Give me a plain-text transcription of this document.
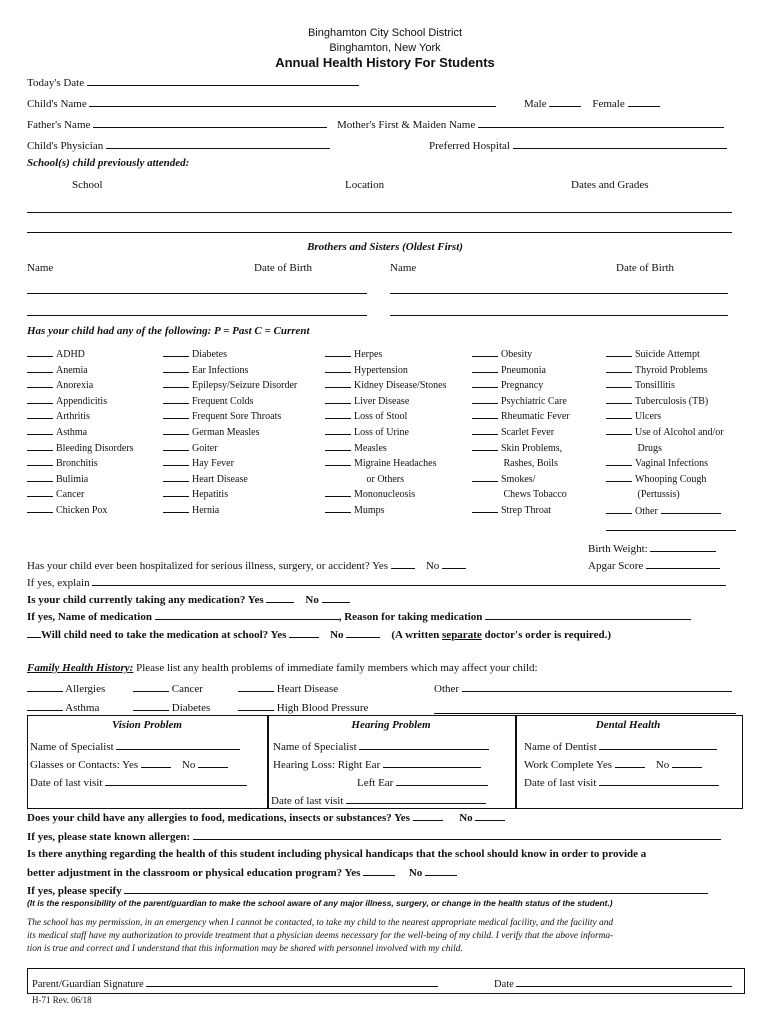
Binghamton City School District
Binghamton, New York
Annual Health History For Students
Today's Date
Child's Name	Male	Female
Father's Name	Mother's First & Maiden Name
Child's Physician	Preferred Hospital
School(s) child previously attended:
School	Location	Dates and Grades
Brothers and Sisters (Oldest First)
Name	Date of Birth	Name	Date of Birth
Has your child had any of the following: P = Past C = Current
ADHD
Anemia
Anorexia
Appendicitis
Arthritis
Asthma
Bleeding Disorders
Bronchitis
Bulimia
Cancer
Chicken Pox
Diabetes
Ear Infections
Epilepsy/Seizure Disorder
Frequent Colds
Frequent Sore Throats
German Measles
Goiter
Hay Fever
Heart Disease
Hepatitis
Hernia
Herpes
Hypertension
Kidney Disease/Stones
Liver Disease
Loss of Stool
Loss of Urine
Measles
Migraine Headaches
or Others
Mononucleosis
Mumps
Obesity
Pneumonia
Pregnancy
Psychiatric Care
Rheumatic Fever
Scarlet Fever
Skin Problems,
Rashes, Boils
Smokes/
Chews Tobacco
Strep Throat
Suicide Attempt
Thyroid Problems
Tonsillitis
Tuberculosis (TB)
Ulcers
Use of Alcohol and/or
Drugs
Vaginal Infections
Whooping Cough
(Pertussis)
Other
Birth Weight:
Apgar Score
Has your child ever been hospitalized for serious illness, surgery, or accident? Yes	No
If yes, explain
Is your child currently taking any medication? Yes	No
If yes, Name of medication	, Reason for taking medication
Will child need to take the medication at school? Yes	No	(A written separate doctor's order is required.)
Family Health History: Please list any health problems of immediate family members which may affect your child:
Allergies	Cancer	Heart Disease	Other
Asthma	Diabetes	High Blood Pressure
Vision Problem
Name of Specialist
Glasses or Contacts: Yes	No
Date of last visit
Hearing Problem
Name of Specialist
Hearing Loss: Right Ear
Left Ear
Date of last visit
Dental Health
Name of Dentist
Work Complete Yes	No
Date of last visit
Does your child have any allergies to food, medications, insects or substances? Yes	No
If yes, please state known allergen:
Is there anything regarding the health of this student including physical handicaps that the school should know in order to provide a
better adjustment in the classroom or physical education program? Yes	No
If yes, please specify
(It is the responsibility of the parent/guardian to make the school aware of any major illness, surgery, or change in the health status of the student.)
The school has my permission, in an emergency when I cannot be contacted, to take my child to the nearest appropriate medical facility, and the facility and
its medical staff have my authorization to provide treatment that a physician deems necessary for the well-being of my child. I verify that the above informa-
tion is true and correct and I understand that this information may be shared with personnel involved with my child.
Parent/Guardian Signature	Date
H-71 Rev. 06/18
